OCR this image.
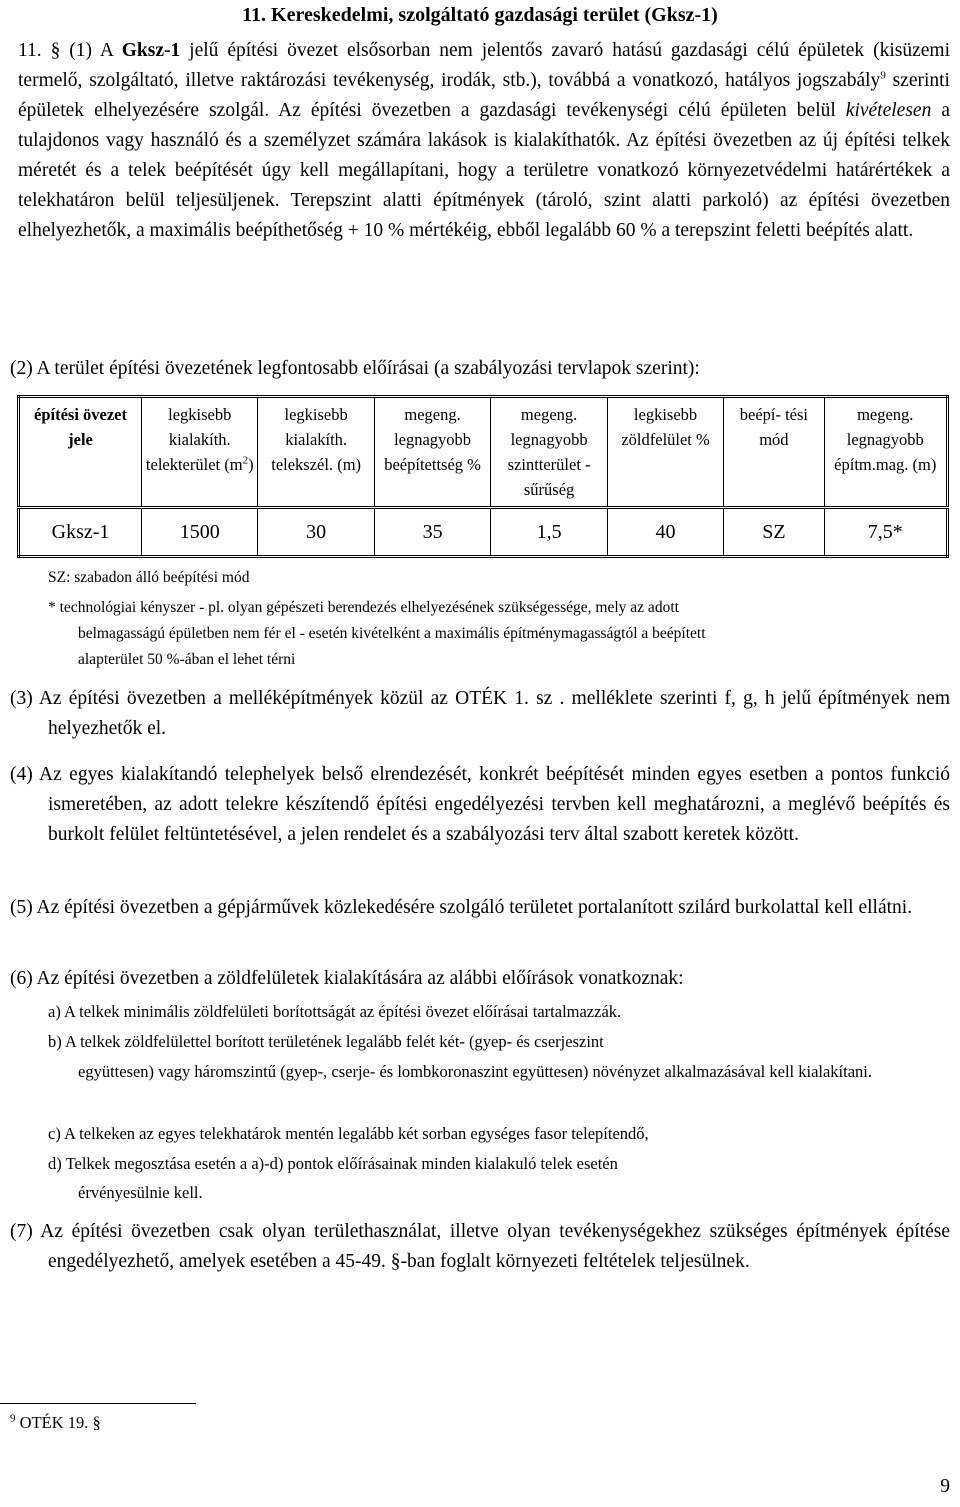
11. Kereskedelmi, szolgáltató gazdasági terület (Gksz-1)

11. § (1) A Gksz-1 jelű építési övezet elsősorban nem jelentős zavaró hatású gazdasági célú épületek (kisüzemi termelő, szolgáltató, illetve raktározási tevékenység, irodák, stb.), továbbá a vonatkozó, hatályos jogszabály$^9$ szerinti épületek elhelyezésére szolgál. Az építési övezetben a gazdasági tevékenységi célú épületen belül kivételesen a tulajdonos vagy használó és a személyzet számára lakások is kialakíthatók. Az építési övezetben az új építési telkek méretét és a telek beépítését úgy kell megállapítani, hogy a területre vonatkozó környezetvédelmi határértékek a telekhatáron belül teljesüljenek. Terepszint alatti építmények (tároló, szint alatti parkoló) az építési övezetben elhelyezhetők, a maximális beépíthetőség + 10 % mértékéig, ebből legalább 60 % a terepszint feletti beépítés alatt.

(2) A terület építési övezetének legfontosabb előírásai (a szabályozási tervlapok szerint):

építési övezet jele	legkisebb kialakíth. telekterület $(m^2)$	legkisebb kialakíth. telekszél. (m)	megeng. legnagyobb beépítettség %	megeng. legnagyobb szintterület -sűrűség	legkisebb zöldfelület %	beépí- tési mód	megeng. legnagyobb építm.mag. (m)
Gksz-1	1500	30	35	1,5	40	SZ	7,5*

SZ: szabadon álló beépítési mód

* technológiai kényszer - pl. olyan gépészeti berendezés elhelyezésének szükségessége, mely az adott

belmagasságú épületben nem fér el - esetén kivételként a maximális építménymagasságtól a beépített

alapterület 50 %-ában el lehet térni

(3) Az építési övezetben a melléképítmények közül az OTÉK 1. sz . melléklete szerinti f, g, h jelű építmények nem helyezhetők el.

(4) Az egyes kialakítandó telephelyek belső elrendezését, konkrét beépítését minden egyes esetben a pontos funkció ismeretében, az adott telekre készítendő építési engedélyezési tervben kell meghatározni, a meglévő beépítés és burkolt felület feltüntetésével, a jelen rendelet és a szabályozási terv által szabott keretek között.

(5) Az építési övezetben a gépjárművek közlekedésére szolgáló területet portalanított szilárd burkolattal kell ellátni.

(6) Az építési övezetben a zöldfelületek kialakítására az alábbi előírások vonatkoznak:

a) A telkek minimális zöldfelületi borítottságát az építési övezet előírásai tartalmazzák.

b) A telkek zöldfelülettel borított területének legalább felét két- (gyep- és cserjeszint

együttesen) vagy háromszintű (gyep-, cserje- és lombkoronaszint együttesen) növényzet alkalmazásával kell kialakítani.

c) A telkeken az egyes telekhatárok mentén legalább két sorban egységes fasor telepítendő,

d) Telkek megosztása esetén a a)-d) pontok előírásainak minden kialakuló telek esetén

érvényesülnie kell.

(7) Az építési övezetben csak olyan területhasználat, illetve olyan tevékenységekhez szükséges építmények építése engedélyezhető, amelyek esetében a 45-49. §-ban foglalt környezeti feltételek teljesülnek.

$^9$ OTÉK 19. §

9
